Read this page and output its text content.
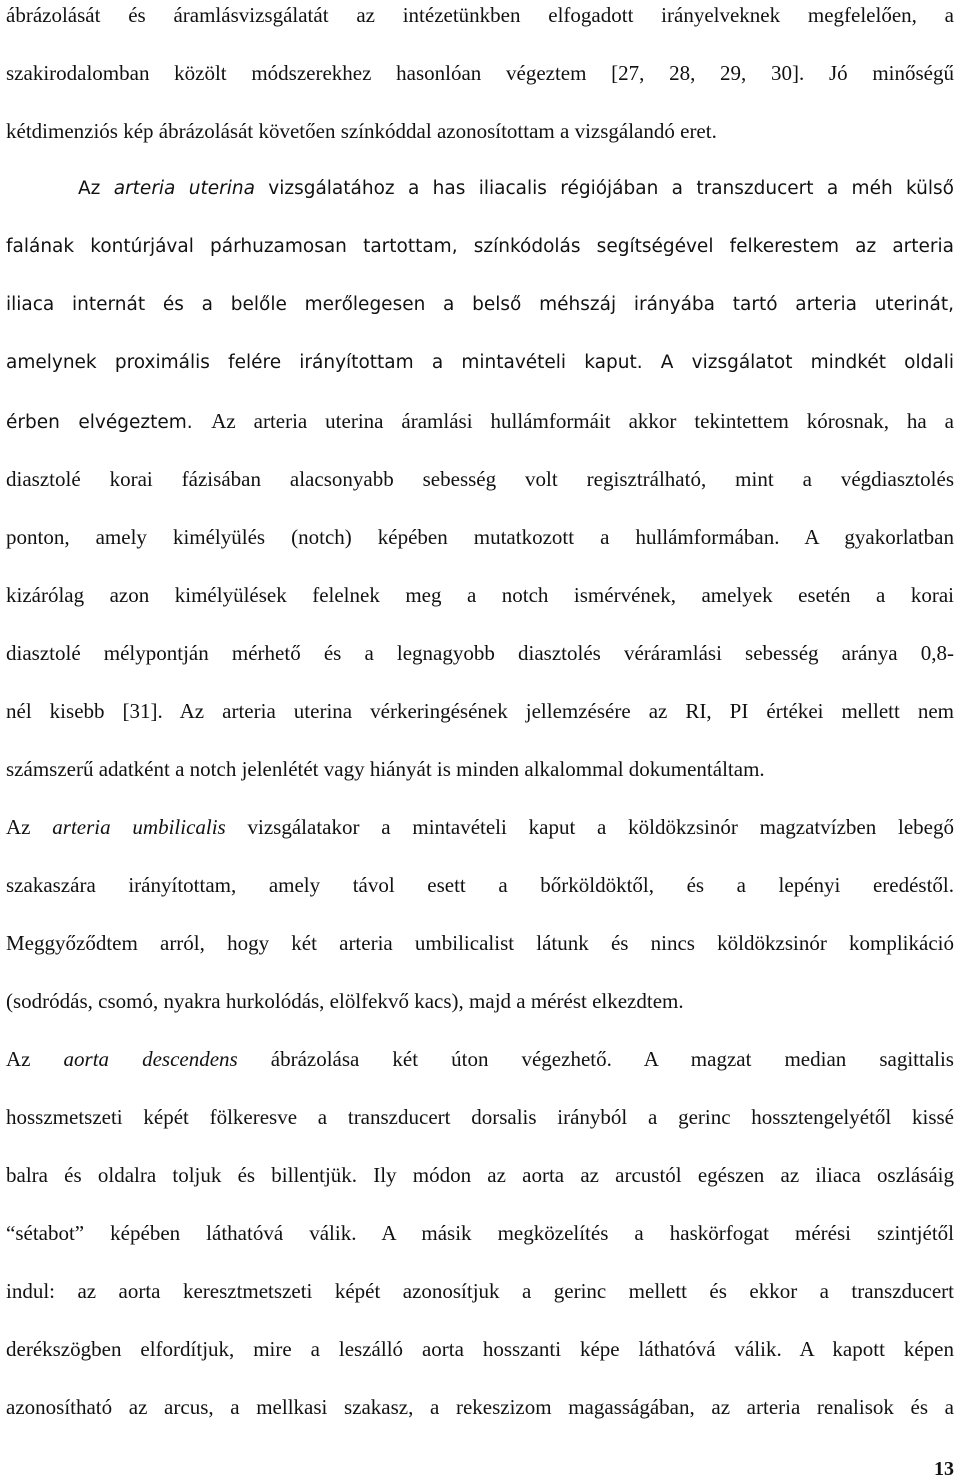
ábrázolását és áramlásvizsgálatát az intézetünkben elfogadott irányelveknek megfelelően, a
szakirodalomban közölt módszerekhez hasonlóan végeztem [27, 28, 29, 30]. Jó minőségű
kétdimenziós kép ábrázolását követően színkóddal azonosítottam a vizsgálandó eret.
Az arteria uterina vizsgálatához a has iliacalis régiójában a transzducert a méh külső
falának kontúrjával párhuzamosan tartottam, színkódolás segítségével felkerestem az arteria
iliaca internát és a belőle merőlegesen a belső méhszáj irányába tartó arteria uterinát,
amelynek proximális felére irányítottam a mintavételi kaput. A vizsgálatot mindkét oldali
érben elvégeztem. Az arteria uterina áramlási hullámformáit akkor tekintettem kórosnak, ha a
diasztolé korai fázisában alacsonyabb sebesség volt regisztrálható, mint a végdiasztolés
ponton, amely kimélyülés (notch) képében mutatkozott a hullámformában. A gyakorlatban
kizárólag azon kimélyülések felelnek meg a notch ismérvének, amelyek esetén a korai
diasztolé mélypontján mérhető és a legnagyobb diasztolés véráramlási sebesség aránya 0,8-
nél kisebb [31]. Az arteria uterina vérkeringésének jellemzésére az RI, PI értékei mellett nem
számszerű adatként a notch jelenlétét vagy hiányát is minden alkalommal dokumentáltam.
Az arteria umbilicalis vizsgálatakor a mintavételi kaput a köldökzsinór magzatvízben lebegő
szakaszára irányítottam, amely távol esett a bőrköldöktől, és a lepényi eredéstől.
Meggyőződtem arról, hogy két arteria umbilicalist látunk és nincs köldökzsinór komplikáció
(sodródás, csomó, nyakra hurkolódás, elölfekvő kacs), majd a mérést elkezdtem.
Az aorta descendens ábrázolása két úton végezhető. A magzat median sagittalis
hosszmetszeti képét fölkeresve a transzducert dorsalis irányból a gerinc hossztengelyétől kissé
balra és oldalra toljuk és billentjük. Ily módon az aorta az arcustól egészen az iliaca oszlásáig
“sétabot” képében láthatóvá válik. A másik megközelítés a haskörfogat mérési szintjétől
indul: az aorta keresztmetszeti képét azonosítjuk a gerinc mellett és ekkor a transzducert
derékszögben elfordítjuk, mire a leszálló aorta hosszanti képe láthatóvá válik. A kapott képen
azonosítható az arcus, a mellkasi szakasz, a rekeszizom magasságában, az arteria renalisok és a
13
